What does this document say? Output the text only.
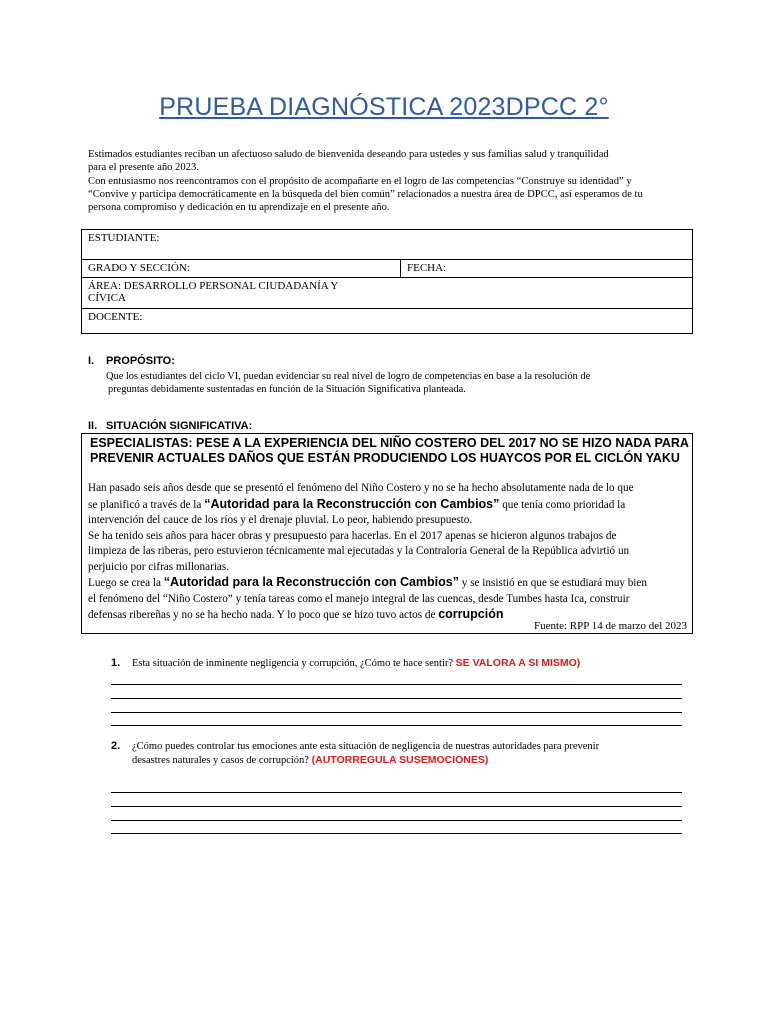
PRUEBA DIAGNÓSTICA 2023DPCC 2°

Estimados estudiantes reciban un afectuoso saludo de bienvenida deseando para ustedes y sus familias salud y tranquilidad

para el presente año 2023.

Con entusiasmo nos reencontramos con el propósito de acompañarte en el logro de las competencias “Construye su identidad” y

“Convive y participa democráticamente en la búsqueda del bien común” relacionados a nuestra área de DPCC, así esperamos de tu

persona compromiso y dedicación en tu aprendizaje en el presente año.

ESTUDIANTE:
GRADO Y SECCIÓN:	FECHA:

ÁREA: DESARROLLO PERSONAL CIUDADANÍA Y
CÍVICA

DOCENTE:
I. PROPÓSITO:
Que los estudiantes del ciclo VI, puedan evidenciar su real nivel de logro de competencias en base a la resolución de
preguntas debidamente sustentadas en función de la Situación Significativa planteada.
II. SITUACIÓN SIGNIFICATIVA:
ESPECIALISTAS: PESE A LA EXPERIENCIA DEL NIÑO COSTERO DEL 2017 NO SE HIZO NADA PARA
PREVENIR ACTUALES DAÑOS QUE ESTÁN PRODUCIENDO LOS HUAYCOS POR EL CICLÓN YAKU

Han pasado seis años desde que se presentó el fenómeno del Niño Costero y no se ha hecho absolutamente nada de lo que

se planificó a través de la “Autoridad para la Reconstrucción con Cambios” que tenía como prioridad la

intervención del cauce de los ríos y el drenaje pluvial. Lo peor, habiendo presupuesto.

Se ha tenido seis años para hacer obras y presupuesto para hacerlas. En el 2017 apenas se hicieron algunos trabajos de

limpieza de las riberas, pero estuvieron técnicamente mal ejecutadas y la Contraloría General de la República advirtió un

perjuicio por cifras millonarias.

Luego se crea la “Autoridad para la Reconstrucción con Cambios” y se insistió en que se estudiará muy bien

el fenómeno del “Niño Costero” y tenía tareas como el manejo integral de las cuencas, desde Tumbes hasta Ica, construir

defensas ribereñas y no se ha hecho nada. Y lo poco que se hizo tuvo actos de corrupción

Fuente: RPP 14 de marzo del 2023
1. Esta situación de inminente negligencia y corrupción, ¿Cómo te hace sentir? SE VALORA A SI MISMO)
2. ¿Cómo puedes controlar tus emociones ante esta situación de negligencia de nuestras autoridades para prevenir
desastres naturales y casos de corrupción? (AUTORREGULA SUSEMOCIONES)
